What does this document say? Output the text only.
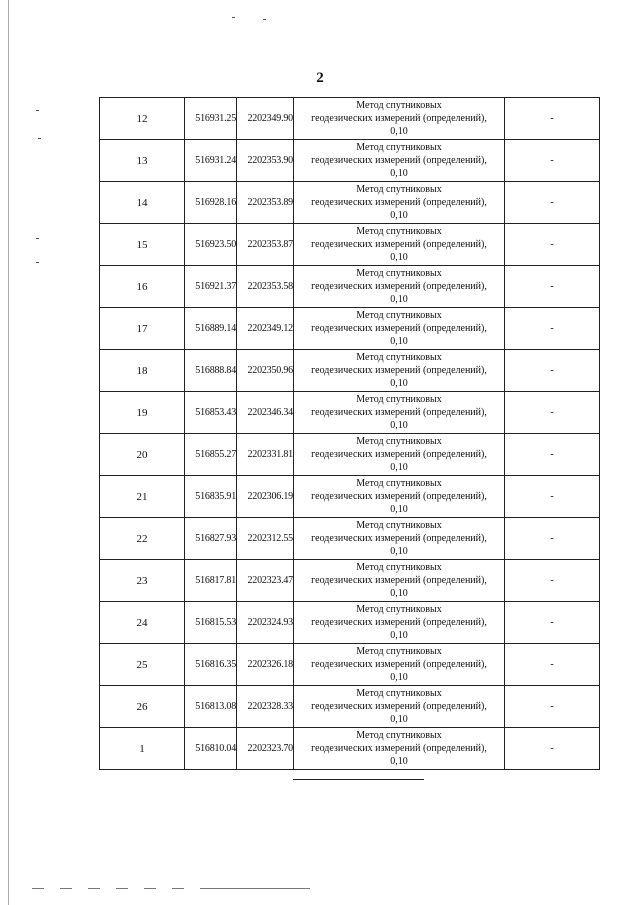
2
12	516931.25	2202349.90	Метод спутниковых
геодезических измерений (определений),
0,10	-
13	516931.24	2202353.90	Метод спутниковых
геодезических измерений (определений),
0,10	-
14	516928.16	2202353.89	Метод спутниковых
геодезических измерений (определений),
0,10	-
15	516923.50	2202353.87	Метод спутниковых
геодезических измерений (определений),
0,10	-
16	516921.37	2202353.58	Метод спутниковых
геодезических измерений (определений),
0,10	-
17	516889.14	2202349.12	Метод спутниковых
геодезических измерений (определений),
0,10	-
18	516888.84	2202350.96	Метод спутниковых
геодезических измерений (определений),
0,10	-
19	516853.43	2202346.34	Метод спутниковых
геодезических измерений (определений),
0,10	-
20	516855.27	2202331.81	Метод спутниковых
геодезических измерений (определений),
0,10	-
21	516835.91	2202306.19	Метод спутниковых
геодезических измерений (определений),
0,10	-
22	516827.93	2202312.55	Метод спутниковых
геодезических измерений (определений),
0,10	-
23	516817.81	2202323.47	Метод спутниковых
геодезических измерений (определений),
0,10	-
24	516815.53	2202324.93	Метод спутниковых
геодезических измерений (определений),
0,10	-
25	516816.35	2202326.18	Метод спутниковых
геодезических измерений (определений),
0,10	-
26	516813.08	2202328.33	Метод спутниковых
геодезических измерений (определений),
0,10	-
1	516810.04	2202323.70	Метод спутниковых
геодезических измерений (определений),
0,10	-
